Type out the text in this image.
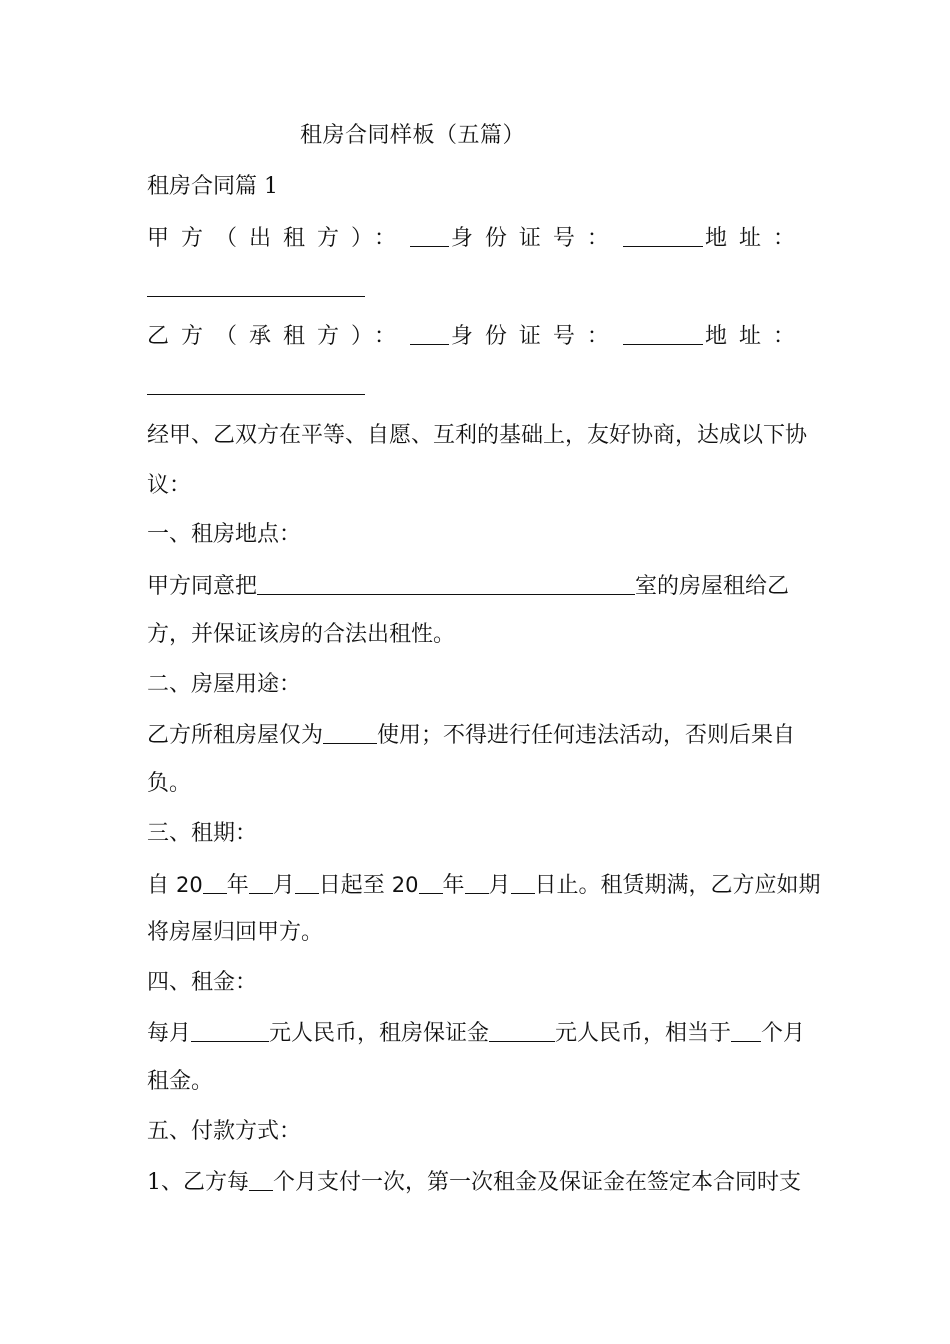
租房合同样板（五篇）
租房合同篇 1
甲方（出租方）： 身份证号：	地址：
乙方（承租方）： 身份证号：	地址：
经甲、乙双方在平等、自愿、互利的基础上，友好协商，达成以下协
议：
一、租房地点：
甲方同意把	室的房屋租给乙
方，并保证该房的合法出租性。
二、房屋用途：
乙方所租房屋仅为 使用；不得进行任何违法活动，否则后果自
负。
三、租期：
自 20 年 月 日起至 20 年 月 日止。租赁期满，乙方应如期
将房屋归回甲方。
四、租金：
每月	元人民币，租房保证金	元人民币，相当于 个月
租金。
五、付款方式：
1、乙方每 个月支付一次，第一次租金及保证金在签定本合同时支
